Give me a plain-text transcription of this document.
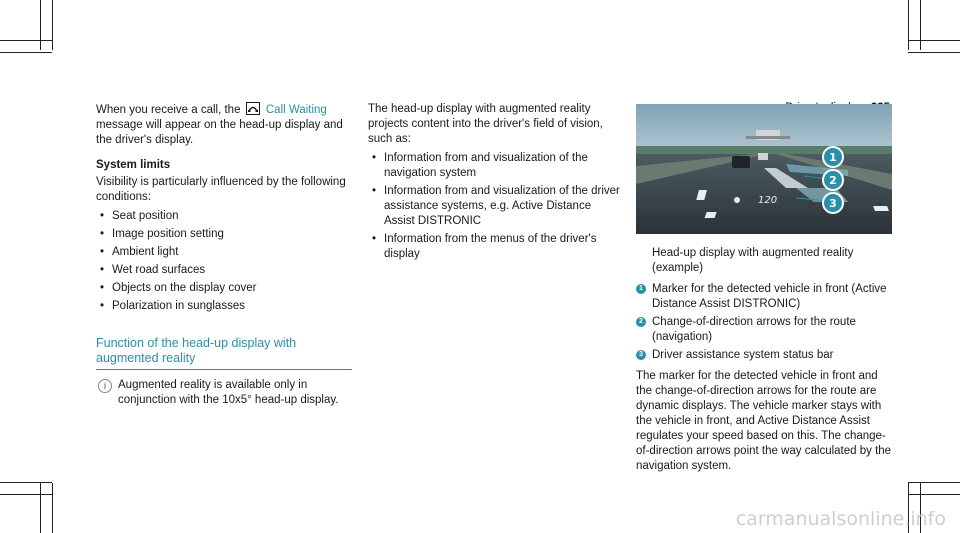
When you receive a call, the Call Waiting message will appear on the head-up display and the driver's display.

System limits

Visibility is particularly influenced by the following conditions:

• Seat position
• Image position setting
• Ambient light
• Wet road surfaces
• Objects on the display cover
• Polarization in sunglasses
Function of the head-up display with augmented reality
i	Augmented reality is available only in conjunction with the 10x5° head-up display.

The head-up display with augmented reality projects content into the driver's field of vision, such as:

• Information from and visualization of the navigation system
• Information from and visualization of the driver assistance systems, e.g. Active Distance Assist DISTRONIC
• Information from the menus of the driver's display
120
1
2
3

Head-up display with augmented reality (example)

1 Marker for the detected vehicle in front (Active Distance Assist DISTRONIC)
2 Change-of-direction arrows for the route (navigation)
3 Driver assistance system status bar

The marker for the detected vehicle in front and the change-of-direction arrows for the route are dynamic displays. The vehicle marker stays with the vehicle in front, and Active Distance Assist regulates your speed based on this. The change-of-direction arrows point the way calculated by the navigation system.

carmanualsonline.info
